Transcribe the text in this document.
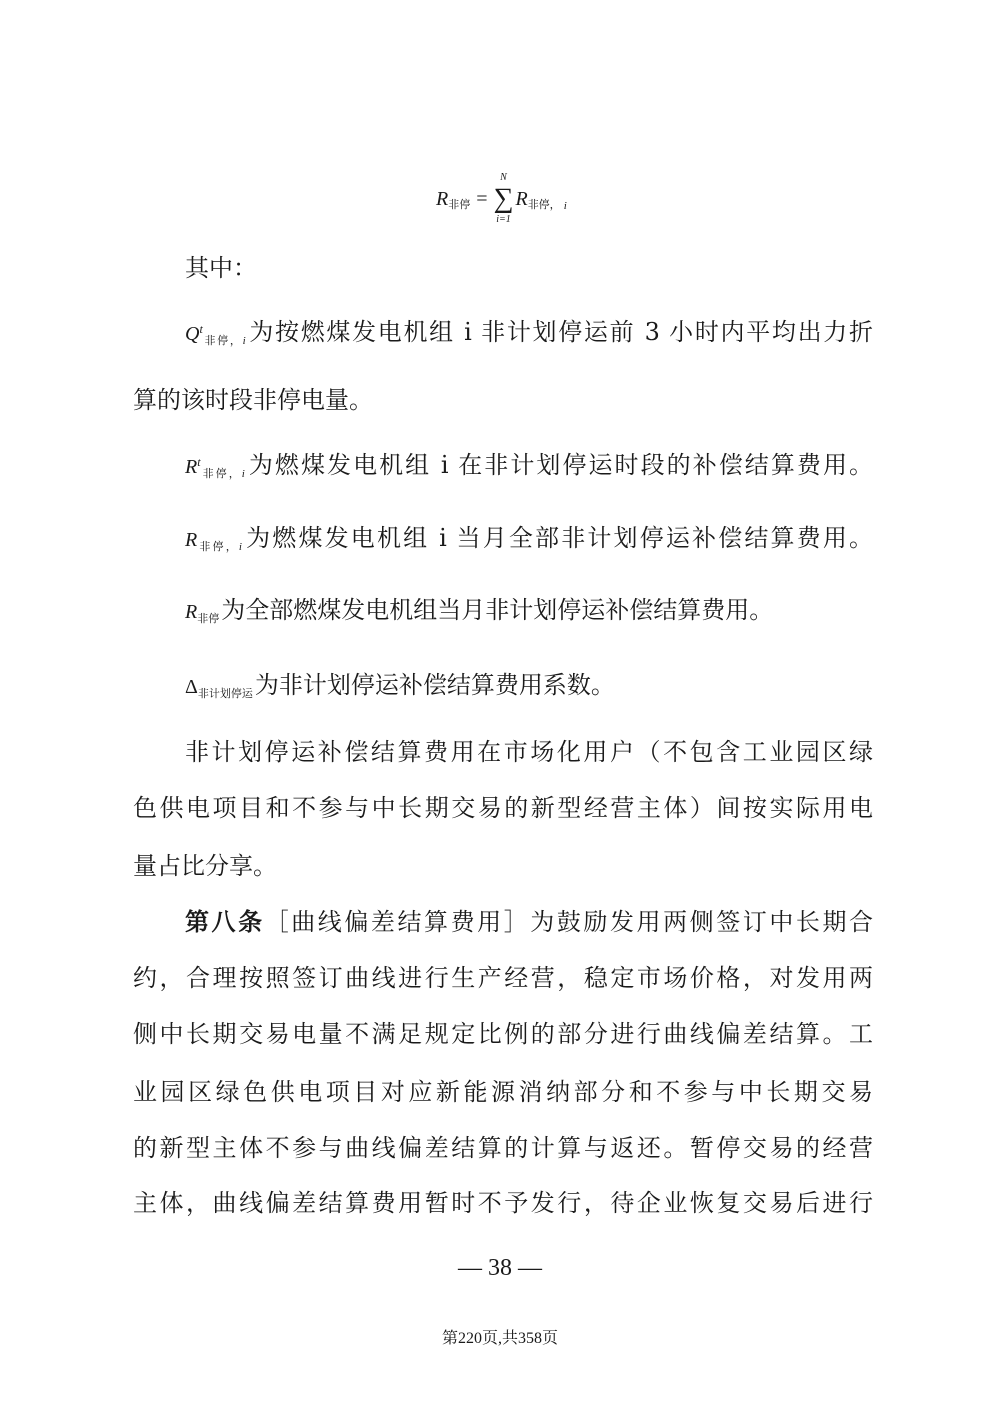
R 非停 =
N
∑
i=1
R 非停， i
其中：
$Q^t_{非停,i}$为按燃煤发电机组 i 非计划停运前 3 小时内平均出力折
算的该时段非停电量。
$R^t_{非停,i}$为燃煤发电机组 i 在非计划停运时段的补偿结算费用。
$R_{非停,i}$为燃煤发电机组 i 当月全部非计划停运补偿结算费用。
$R_{非停}$为全部燃煤发电机组当月非计划停运补偿结算费用。
$\Delta_{非计划停运}$为非计划停运补偿结算费用系数。
非计划停运补偿结算费用在市场化用户（不包含工业园区绿
色供电项目和不参与中长期交易的新型经营主体）间按实际用电
量占比分享。
第八条［曲线偏差结算费用］为鼓励发用两侧签订中长期合
约，合理按照签订曲线进行生产经营，稳定市场价格，对发用两
侧中长期交易电量不满足规定比例的部分进行曲线偏差结算。工
业园区绿色供电项目对应新能源消纳部分和不参与中长期交易
的新型主体不参与曲线偏差结算的计算与返还。暂停交易的经营
主体，曲线偏差结算费用暂时不予发行，待企业恢复交易后进行
— 38 —
第220页,共358页
